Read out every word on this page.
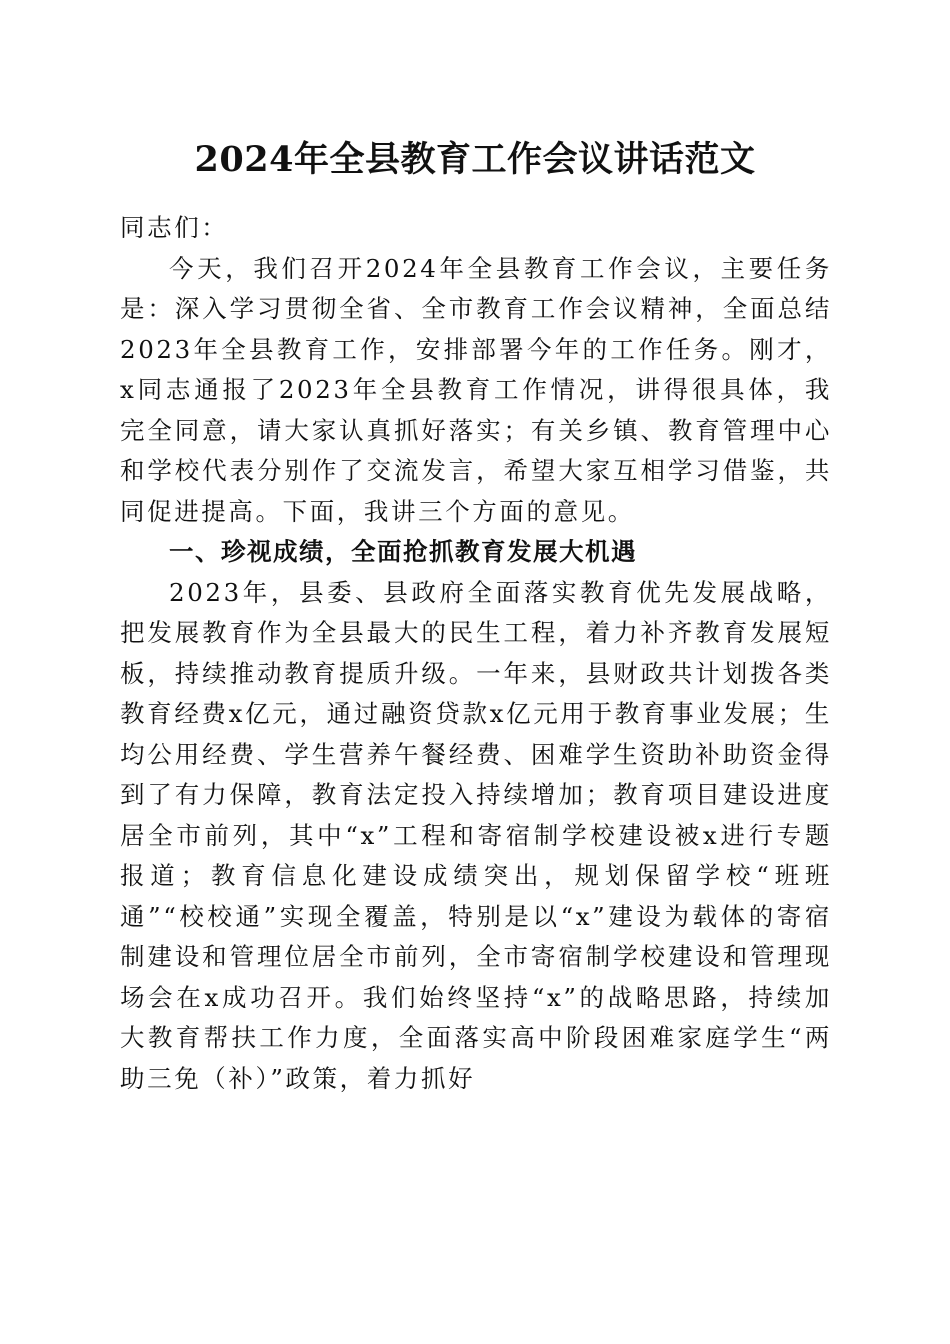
2024年全县教育工作会议讲话范文

同志们：

今天，我们召开2024年全县教育工作会议，主要任务是：深入学习贯彻全省、全市教育工作会议精神，全面总结2023年全县教育工作，安排部署今年的工作任务。刚才，x同志通报了2023年全县教育工作情况，讲得很具体，我完全同意，请大家认真抓好落实；有关乡镇、教育管理中心和学校代表分别作了交流发言，希望大家互相学习借鉴，共同促进提高。下面，我讲三个方面的意见。

一、珍视成绩，全面抢抓教育发展大机遇

2023年，县委、县政府全面落实教育优先发展战略，把发展教育作为全县最大的民生工程，着力补齐教育发展短板，持续推动教育提质升级。一年来，县财政共计划拨各类教育经费x亿元，通过融资贷款x亿元用于教育事业发展；生均公用经费、学生营养午餐经费、困难学生资助补助资金得到了有力保障，教育法定投入持续增加；教育项目建设进度居全市前列，其中“x”工程和寄宿制学校建设被x进行专题报道；教育信息化建设成绩突出，规划保留学校“班班通”“校校通”实现全覆盖，特别是以“x”建设为载体的寄宿制建设和管理位居全市前列，全市寄宿制学校建设和管理现场会在x成功召开。我们始终坚持“x”的战略思路，持续加大教育帮扶工作力度，全面落实高中阶段困难家庭学生“两助三免（补）”政策，着力抓好
